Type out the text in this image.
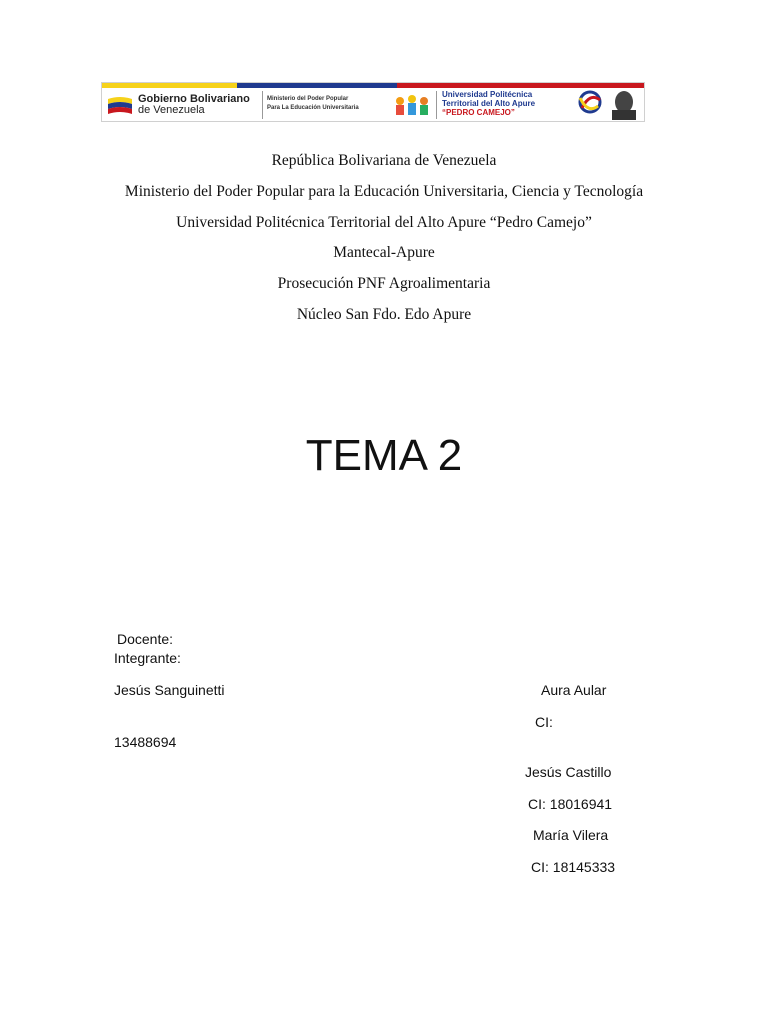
Gobierno Bolivariano
de Venezuela
Ministerio del Poder Popular
Para La Educación Universitaria
Universidad Politécnica
Territorial del Alto Apure
“PEDRO CAMEJO”
República Bolivariana de Venezuela
Ministerio del Poder Popular para la Educación Universitaria, Ciencia y Tecnología
Universidad Politécnica Territorial del Alto Apure “Pedro Camejo”
Mantecal-Apure
Prosecución PNF Agroalimentaria
Núcleo San Fdo. Edo Apure
TEMA 2
Docente:
Integrante:
Jesús Sanguinetti
13488694
Aura Aular
CI:
Jesús Castillo
CI: 18016941
María Vilera
CI: 18145333
